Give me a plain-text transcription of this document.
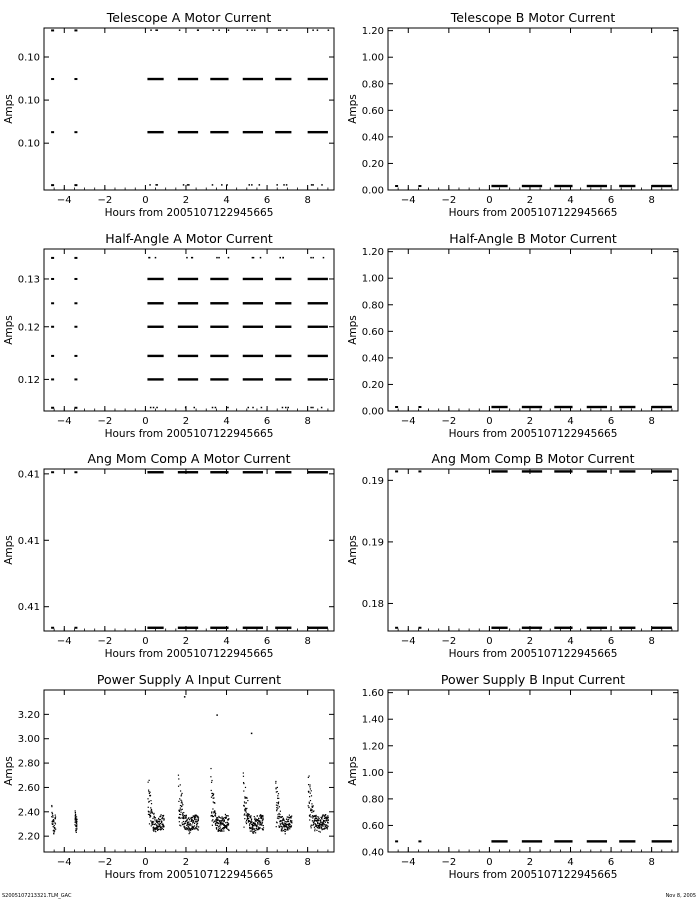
Telescope A Motor Current
Hours from 2005107122945665
Amps
−4	−2	0	2	4	6	8
0.10
0.10
0.10
Telescope B Motor Current
Hours from 2005107122945665
Amps
−4	−2	0	2	4	6	8
0.00
0.20
0.40
0.60
0.80
1.00
1.20
Half-Angle A Motor Current
Hours from 2005107122945665
Amps
−4	−2	0	2	4	6	8
0.13
0.12
0.12
Half-Angle B Motor Current
Hours from 2005107122945665
Amps
−4	−2	0	2	4	6	8
0.00
0.20
0.40
0.60
0.80
1.00
1.20
Ang Mom Comp A Motor Current
Hours from 2005107122945665
Amps
−4	−2	0	2	4	6	8
0.41
0.41
0.41
Ang Mom Comp B Motor Current
Hours from 2005107122945665
Amps
−4	−2	0	2	4	6	8
0.19
0.19
0.18
Power Supply A Input Current
Hours from 2005107122945665
Amps
−4	−2	0	2	4	6	8
2.20
2.40
2.60
2.80
3.00
3.20
Power Supply B Input Current
Hours from 2005107122945665
Amps
−4	−2	0	2	4	6	8
0.40
0.60
0.80
1.00
1.20
1.40
1.60
S2005107213321.TLM_GAC	Nov 8, 2005
